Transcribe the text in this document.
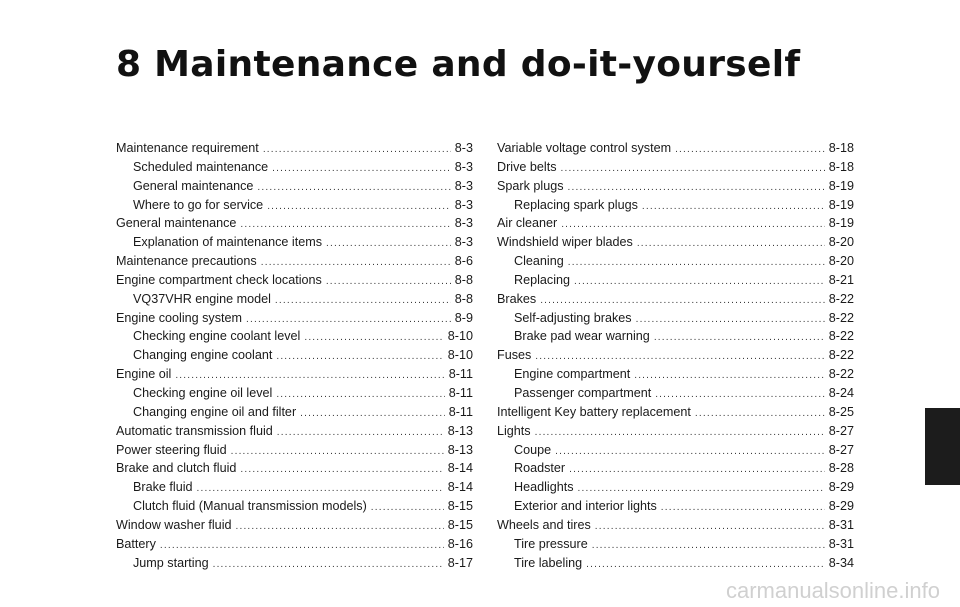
8 Maintenance and do-it-yourself
Maintenance requirement .....	8-3
Scheduled maintenance .....	8-3
General maintenance .....	8-3
Where to go for service .....	8-3
General maintenance .....	8-3
Explanation of maintenance items .....	8-3
Maintenance precautions .....	8-6
Engine compartment check locations .....	8-8
VQ37VHR engine model .....	8-8
Engine cooling system .....	8-9
Checking engine coolant level .....	8-10
Changing engine coolant .....	8-10
Engine oil .....	8-11
Checking engine oil level .....	8-11
Changing engine oil and filter .....	8-11
Automatic transmission fluid .....	8-13
Power steering fluid .....	8-13
Brake and clutch fluid .....	8-14
Brake fluid .....	8-14
Clutch fluid (Manual transmission models) .....	8-15
Window washer fluid .....	8-15
Battery .....	8-16
Jump starting .....	8-17
Variable voltage control system .....	8-18
Drive belts .....	8-18
Spark plugs .....	8-19
Replacing spark plugs .....	8-19
Air cleaner .....	8-19
Windshield wiper blades .....	8-20
Cleaning .....	8-20
Replacing .....	8-21
Brakes .....	8-22
Self-adjusting brakes .....	8-22
Brake pad wear warning .....	8-22
Fuses .....	8-22
Engine compartment .....	8-22
Passenger compartment .....	8-24
Intelligent Key battery replacement .....	8-25
Lights .....	8-27
Coupe .....	8-27
Roadster .....	8-28
Headlights .....	8-29
Exterior and interior lights .....	8-29
Wheels and tires .....	8-31
Tire pressure .....	8-31
Tire labeling .....	8-34
carmanualsonline.info
